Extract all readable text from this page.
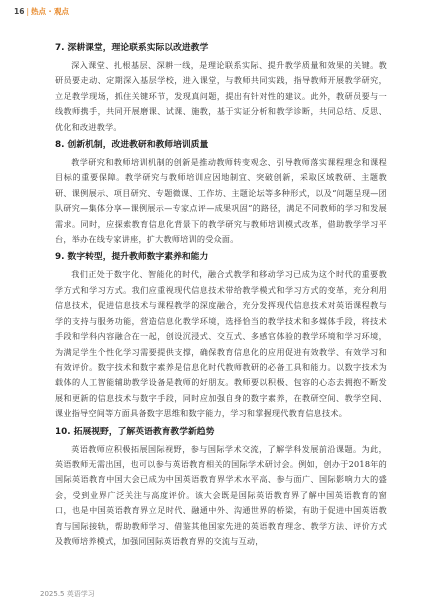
16 | 热点 · 观点
7. 深耕课堂，理论联系实际以改进教学

深入课堂、扎根基层、深耕一线，是理论联系实际、提升教学质量和效果的关键。教研员要走动、定期深入基层学校，进入课堂，与教师共同实践，指导教师开展教学研究，立足教学现场，抓住关键环节，发现真问题，提出有针对性的建议。此外，教研员要与一线教师携手，共同开展磨课、试课、施教，基于实证分析和教学诊断，共同总结、反思、优化和改进教学。

8. 创新机制，改进教研和教师培训质量

教学研究和教师培训机制的创新是推动教师转变观念、引导教师落实课程理念和课程目标的重要保障。教学研究与教师培训应因地制宜、突破创新，采取区域教研、主题教研、课例展示、项目研究、专题微课、工作坊、主题论坛等多种形式，以及“问题呈现—团队研究—集体分享—课例展示—专家点评—成果巩固”的路径，满足不同教师的学习和发展需求。同时，应探索教育信息化背景下的教学研究与教师培训模式改革，借助教学学习平台，举办在线专家讲座，扩大教师培训的受众面。

9. 数字转型，提升教师数字素养和能力

我们正处于数字化、智能化的时代，融合式教学和移动学习已成为这个时代的重要教学方式和学习方式。我们应重视现代信息技术带给教学模式和学习方式的变革，充分利用信息技术，促进信息技术与课程教学的深度融合，充分发挥现代信息技术对英语课程教与学的支持与服务功能，营造信息化教学环境，选择恰当的教学技术和多媒体手段，将技术手段和学科内容融合在一起，创设沉浸式、交互式、多感官体验的教学环境和学习环境，为满足学生个性化学习需要提供支撑，确保教育信息化的应用促进有效教学、有效学习和有效评价。数字技术和数字素养是信息化时代教师教研的必备工具和能力。以数字技术为载体的人工智能辅助教学设备是教师的好朋友。教师要以积极、包容的心态去拥抱不断发展和更新的信息技术与数字手段，同时应加强自身的数字素养，在教研空间、教学空间、课业指导空间等方面具备数字思维和数字能力，学习和掌握现代教育信息技术。

10. 拓展视野，了解英语教育教学新趋势

英语教师应积极拓展国际视野，参与国际学术交流，了解学科发展前沿课题。为此，英语教师无需出国，也可以参与英语教育相关的国际学术研讨会。例如，创办于2018年的国际英语教育中国大会已成为中国英语教育界学术水平高、参与面广、国际影响力大的盛会，受到业界广泛关注与高度评价。该大会既是国际英语教育界了解中国英语教育的窗口，也是中国英语教育界立足时代、融通中外、沟通世界的桥梁，有助于促进中国英语教育与国际接轨，帮助教师学习、借鉴其他国家先进的英语教育理念、教学方法、评价方式及教师培养模式，加强同国际英语教育界的交流与互动，

2025.5 英语学习
